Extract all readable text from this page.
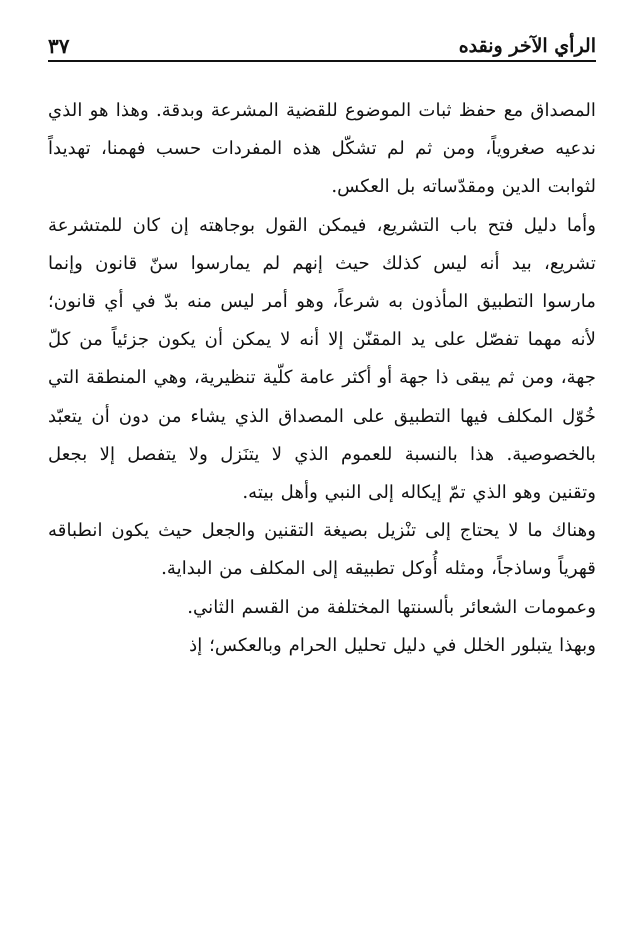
الرأي الآخر ونقده
٣٧

المصداق مع حفظ ثبات الموضوع للقضية المشرعة وبدقة. وهذا هو الذي ندعيه صغروياً، ومن ثم لم تشكّل هذه المفردات حسب فهمنا، تهديداً لثوابت الدين ومقدّساته بل العكس.

وأما دليل فتح باب التشريع، فيمكن القول بوجاهته إن كان للمتشرعة تشريع، بيد أنه ليس كذلك حيث إنهم لم يمارسوا سنّ قانون وإنما مارسوا التطبيق المأذون به شرعاً، وهو أمر ليس منه بدّ في أي قانون؛ لأنه مهما تفصّل على يد المقنّن إلا أنه لا يمكن أن يكون جزئياً من كلّ جهة، ومن ثم يبقى ذا جهة أو أكثر عامة كلّية تنظيرية، وهي المنطقة التي خُوّل المكلف فيها التطبيق على المصداق الذي يشاء من دون أن يتعبّد بالخصوصية. هذا بالنسبة للعموم الذي لا يتنَزل ولا يتفصل إلا بجعل وتقنين وهو الذي تمّ إيكاله إلى النبي وأهل بيته.

وهناك ما لا يحتاج إلى تنْزيل بصيغة التقنين والجعل حيث يكون انطباقه قهرياً وساذجاً، ومثله أُوكل تطبيقه إلى المكلف من البداية.

وعمومات الشعائر بألسنتها المختلفة من القسم الثاني.

وبهذا يتبلور الخلل في دليل تحليل الحرام وبالعكس؛ إذ
